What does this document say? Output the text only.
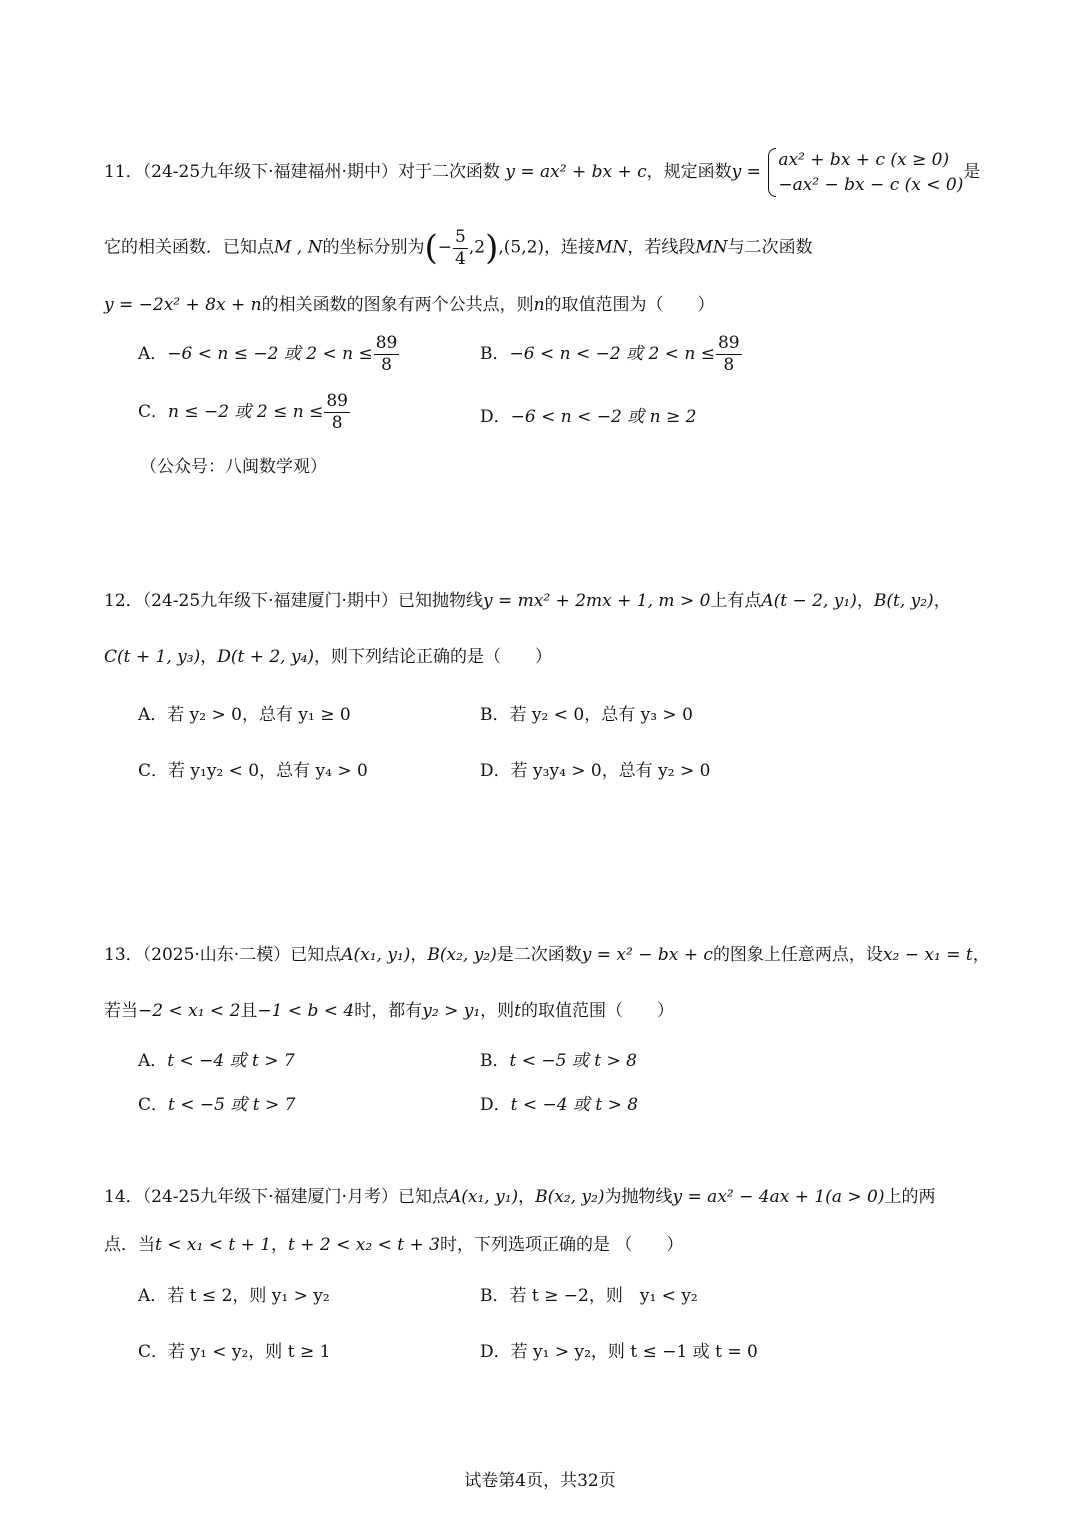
11．（24-25九年级下·福建福州·期中）对于二次函数 y = ax² + bx + c，规定函数y =
ax² + bx + c (x ≥ 0)
−ax² − bx − c (x < 0)
是
它的相关函数．已知点M , N的坐标分别为(− $\frac{5}{4} ,2),(5,2)$，连接MN，若线段MN与二次函数
y = −2x² + 8x + n的相关函数的图象有两个公共点，则n的取值范围为（　　）
A．−6 < n ≤ −2 或 $2 < n \le \frac{89}{8}$	B．−6 < n < −2 或 $2 < n \le \frac{89}{8}$
C．n ≤ −2 或 $2 \le n \le \frac{89}{8}$	D．−6 < n < −2 或 n ≥ 2
（公众号：八闽数学观）
12．（24-25九年级下·福建厦门·期中）已知抛物线y = mx² + 2mx + 1, m > 0上有点A(t − 2, y₁)，B(t, y₂)，
C(t + 1, y₃)，D(t + 2, y₄)，则下列结论正确的是（　　）
A．若 y₂ > 0，总有 y₁ ≥ 0	B．若 y₂ < 0，总有 y₃ > 0
C．若 y₁y₂ < 0，总有 y₄ > 0	D．若 y₃y₄ > 0，总有 y₂ > 0
13．（2025·山东·二模）已知点A(x₁, y₁)，B(x₂, y₂)是二次函数y = x² − bx + c的图象上任意两点，设x₂ − x₁ = t，
若当−2 < x₁ < 2且−1 < b < 4时，都有y₂ > y₁，则t的取值范围（　　）
A．t < −4 或 t > 7	B．t < −5 或 t > 8
C．t < −5 或 t > 7	D．t < −4 或 t > 8
14．（24-25九年级下·福建厦门·月考）已知点A(x₁, y₁)，B(x₂, y₂)为抛物线y = ax² − 4ax + 1(a > 0)上的两
点．当t < x₁ < t + 1，t + 2 < x₂ < t + 3时，下列选项正确的是 （　　）
A．若 t ≤ 2，则 y₁ > y₂	B．若 t ≥ −2，则　y₁ < y₂
C．若 y₁ < y₂，则 t ≥ 1	D．若 y₁ > y₂，则 t ≤ −1 或 t = 0
试卷第4页，共32页
